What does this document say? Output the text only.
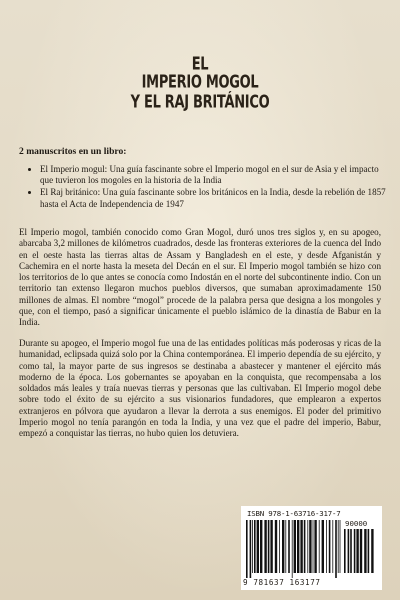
EL
IMPERIO MOGOL
Y EL RAJ BRITÁNICO
2 manuscritos en un libro:
• El Imperio mogul: Una guía fascinante sobre el Imperio mogol en el sur de Asia y el impacto que tuvieron los mogoles en la historia de la India
• El Raj británico: Una guía fascinante sobre los británicos en la India, desde la rebelión de 1857 hasta el Acta de Independencia de 1947

El Imperio mogol, también conocido como Gran Mogol, duró unos tres siglos y, en su apogeo, abarcaba 3,2 millones de kilómetros cuadrados, desde las fronteras exteriores de la cuenca del Indo en el oeste hasta las tierras altas de Assam y Bangladesh en el este, y desde Afganistán y Cachemira en el norte hasta la meseta del Decán en el sur. El Imperio mogol también se hizo con los territorios de lo que antes se conocía como Indostán en el norte del subcontinente indio. Con un territorio tan extenso llegaron muchos pueblos diversos, que sumaban aproximadamente 150 millones de almas. El nombre “mogol” procede de la palabra persa que designa a los mongoles y que, con el tiempo, pasó a significar únicamente el pueblo islámico de la dinastía de Babur en la India.

Durante su apogeo, el Imperio mogol fue una de las entidades políticas más poderosas y ricas de la humanidad, eclipsada quizá solo por la China contemporánea. El imperio dependía de su ejército, y como tal, la mayor parte de sus ingresos se destinaba a abastecer y mantener el ejército más moderno de la época. Los gobernantes se apoyaban en la conquista, que recompensaba a los soldados más leales y traía nuevas tierras y personas que las cultivaban. El Imperio mogol debe sobre todo el éxito de su ejército a sus visionarios fundadores, que emplearon a expertos extranjeros en pólvora que ayudaron a llevar la derrota a sus enemigos. El poder del primitivo Imperio mogol no tenía parangón en toda la India, y una vez que el padre del imperio, Babur, empezó a conquistar las tierras, no hubo quien los detuviera.

ISBN 978-1-63716-317-7
90000
9 781637 163177
